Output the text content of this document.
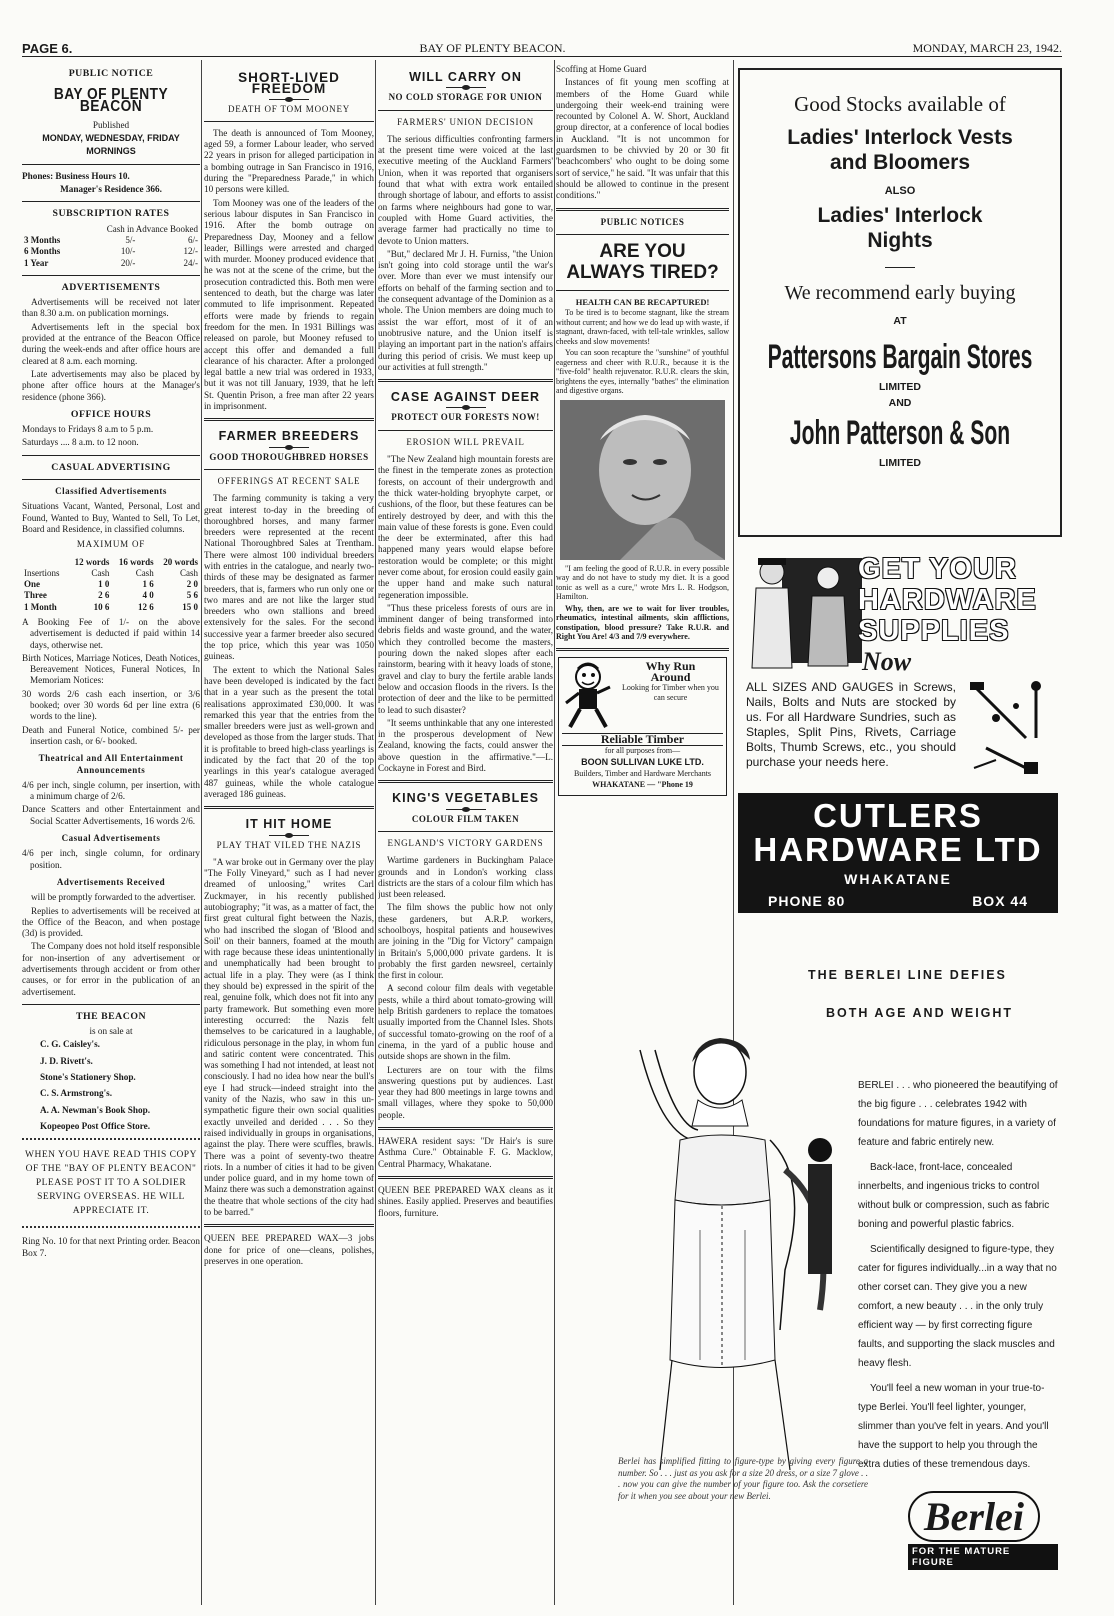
PAGE 6.	BAY OF PLENTY BEACON.	MONDAY, MARCH 23, 1942.
PUBLIC NOTICE
BAY OF PLENTY BEACON

Published

MONDAY, WEDNESDAY, FRIDAY

MORNINGS

Phones: Business Hours 10.

Manager's Residence 366.

SUBSCRIPTION RATES
	Cash in Advance Booked	
3 Months	5/-	6/-
6 Months	10/-	12/-
1 Year	20/-	24/-
ADVERTISEMENTS

Advertisements will be received not later than 8.30 a.m. on publication mornings.

Advertisements left in the special box provided at the entrance of the Beacon Office during the week-ends and after office hours are cleared at 8 a.m. each morning.

Late advertisements may also be placed by phone after office hours at the Manager's residence (phone 366).

OFFICE HOURS

Mondays to Fridays 8 a.m to 5 p.m.

Saturdays .... 8 a.m. to 12 noon.

CASUAL ADVERTISING
Classified Advertisements

Situations Vacant, Wanted, Personal, Lost and Found, Wanted to Buy, Wanted to Sell, To Let, Board and Residence, in classified columns.

MAXIMUM OF
	12 words	16 words	20 words
Insertions	Cash	Cash	Cash
One	1 0	1 6	2 0
Three	2 6	4 0	5 6
1 Month	10 6	12 6	15 0

A Booking Fee of 1/- on the above advertisement is deducted if paid within 14 days, otherwise net.

Birth Notices, Marriage Notices, Death Notices, Bereavement Notices, Funeral Notices, In Memoriam Notices:

30 words 2/6 cash each insertion, or 3/6 booked; over 30 words 6d per line extra (6 words to the line).

Death and Funeral Notice, combined 5/- per insertion cash, or 6/- booked.

Theatrical and All Entertainment Announcements

4/6 per inch, single column, per insertion, with a minimum charge of 2/6.

Dance Scatters and other Entertainment and Social Scatter Advertisements, 16 words 2/6.

Casual Advertisements

4/6 per inch, single column, for ordinary position.

Advertisements Received

will be promptly forwarded to the advertiser.

Replies to advertisements will be received at the Office of the Beacon, and when postage (3d) is provided.

The Company does not hold itself responsible for non-insertion of any advertisement or advertisements through accident or from other causes, or for error in the publication of an advertisement.

THE BEACON

is on sale at

C. G. Caisley's.

J. D. Rivett's.

Stone's Stationery Shop.

C. S. Armstrong's.

A. A. Newman's Book Shop.

Kopeopeo Post Office Store.

WHEN YOU HAVE READ THIS COPY OF THE "BAY OF PLENTY BEACON" PLEASE POST IT TO A SOLDIER SERVING OVERSEAS. HE WILL APPRECIATE IT.

Ring No. 10 for that next Printing order. Beacon Box 7.

SHORT-LIVED FREEDOM
DEATH OF TOM MOONEY

The death is announced of Tom Mooney, aged 59, a former Labour leader, who served 22 years in prison for alleged participation in a bombing outrage in San Francisco in 1916, during the "Preparedness Parade," in which 10 persons were killed.

Tom Mooney was one of the leaders of the serious labour disputes in San Francisco in 1916. After the bomb outrage on Preparedness Day, Mooney and a fellow leader, Billings were arrested and charged with murder. Mooney produced evidence that he was not at the scene of the crime, but the prosecution contradicted this. Both men were sentenced to death, but the charge was later commuted to life imprisonment. Repeated efforts were made by friends to regain freedom for the men. In 1931 Billings was released on parole, but Mooney refused to accept this offer and demanded a full clearance of his character. After a prolonged legal battle a new trial was ordered in 1933, but it was not till January, 1939, that he left St. Quentin Prison, a free man after 22 years in imprisonment.

FARMER BREEDERS
GOOD THOROUGHBRED HORSES
OFFERINGS AT RECENT SALE

The farming community is taking a very great interest to-day in the breeding of thoroughbred horses, and many farmer breeders were represented at the recent National Thoroughbred Sales at Trentham. There were almost 100 individual breeders with entries in the catalogue, and nearly two-thirds of these may be designated as farmer breeders, that is, farmers who run only one or two mares and are not like the larger stud breeders who own stallions and breed extensively for the sales. For the second successive year a farmer breeder also secured the top price, which this year was 1050 guineas.

The extent to which the National Sales have been developed is indicated by the fact that in a year such as the present the total realisations approximated £30,000. It was remarked this year that the entries from the smaller breeders were just as well-grown and developed as those from the larger studs. That it is profitable to breed high-class yearlings is indicated by the fact that 20 of the top yearlings in this year's catalogue averaged 487 guineas, while the whole catalogue averaged 186 guineas.

IT HIT HOME
PLAY THAT VILED THE NAZIS

"A war broke out in Germany over the play "The Folly Vineyard," such as I had never dreamed of unloosing," writes Carl Zuckmayer, in his recently published autobiography; "it was, as a matter of fact, the first great cultural fight between the Nazis, who had inscribed the slogan of 'Blood and Soil' on their banners, foamed at the mouth with rage because these ideas unintentionally and unemphatically had been brought to actual life in a play. They were (as I think they should be) expressed in the spirit of the real, genuine folk, which does not fit into any party framework. But something even more interesting occurred: the Nazis felt themselves to be caricatured in a laughable, ridiculous personage in the play, in whom fun and satiric content were concentrated. This was something I had not intended, at least not consciously. I had no idea how near the bull's eye I had struck—indeed straight into the vanity of the Nazis, who saw in this un-sympathetic figure their own social qualities exactly unveiled and derided . . . So they raised individually in groups in organisations, against the play. There were scuffles, brawls. There was a point of seventy-two theatre riots. In a number of cities it had to be given under police guard, and in my home town of Mainz there was such a demonstration against the theatre that whole sections of the city had to be barred."

QUEEN BEE PREPARED WAX—3 jobs done for price of one—cleans, polishes, preserves in one operation.

WILL CARRY ON
NO COLD STORAGE FOR UNION
FARMERS' UNION DECISION

The serious difficulties confronting farmers at the present time were voiced at the last executive meeting of the Auckland Farmers' Union, when it was reported that organisers found that what with extra work entailed through shortage of labour, and efforts to assist on farms where neighbours had gone to war, coupled with Home Guard activities, the average farmer had practically no time to devote to Union matters.

"But," declared Mr J. H. Furniss, "the Union isn't going into cold storage until the war's over. More than ever we must intensify our efforts on behalf of the farming section and to the consequent advantage of the Dominion as a whole. The Union members are doing much to assist the war effort, most of it of an unobtrusive nature, and the Union itself is playing an important part in the nation's affairs during this period of crisis. We must keep up our activities at full strength."

CASE AGAINST DEER
PROTECT OUR FORESTS NOW!
EROSION WILL PREVAIL

"The New Zealand high mountain forests are the finest in the temperate zones as protection forests, on account of their undergrowth and the thick water-holding bryophyte carpet, or cushions, of the floor, but these features can be entirely destroyed by deer, and with this the main value of these forests is gone. Even could the deer be exterminated, after this had happened many years would elapse before restoration would be complete; or this might never come about, for erosion could easily gain the upper hand and make such natural regeneration impossible.

"Thus these priceless forests of ours are in imminent danger of being transformed into debris fields and waste ground, and the water, which they controlled become the masters, pouring down the naked slopes after each rainstorm, bearing with it heavy loads of stone, gravel and clay to bury the fertile arable lands below and occasion floods in the rivers. Is the protection of deer and the like to be permitted to lead to such disaster?

"It seems unthinkable that any one interested in the prosperous development of New Zealand, knowing the facts, could answer the above question in the affirmative."—L. Cockayne in Forest and Bird.

KING'S VEGETABLES
COLOUR FILM TAKEN
ENGLAND'S VICTORY GARDENS

Wartime gardeners in Buckingham Palace grounds and in London's working class districts are the stars of a colour film which has just been released.

The film shows the public how not only these gardeners, but A.R.P. workers, schoolboys, hospital patients and housewives are joining in the "Dig for Victory" campaign in Britain's 5,000,000 private gardens. It is probably the first garden newsreel, certainly the first in colour.

A second colour film deals with vegetable pests, while a third about tomato-growing will help British gardeners to replace the tomatoes usually imported from the Channel Isles. Shots of successful tomato-growing on the roof of a cinema, in the yard of a public house and outside shops are shown in the film.

Lecturers are on tour with the films answering questions put by audiences. Last year they had 800 meetings in large towns and small villages, where they spoke to 50,000 people.

HAWERA resident says: "Dr Hair's is sure Asthma Cure." Obtainable F. G. Macklow, Central Pharmacy, Whakatane.

QUEEN BEE PREPARED WAX cleans as it shines. Easily applied. Preserves and beautifies floors, furniture.

Scoffing at Home Guard

Instances of fit young men scoffing at members of the Home Guard while undergoing their week-end training were recounted by Colonel A. W. Short, Auckland group director, at a conference of local bodies in Auckland. "It is not uncommon for guardsmen to be chivvied by 20 or 30 fit 'beachcombers' who ought to be doing some sort of service," he said. "It was unfair that this should be allowed to continue in the present conditions."

PUBLIC NOTICES
ARE YOU
ALWAYS TIRED?
HEALTH CAN BE RECAPTURED!

To be tired is to become stagnant, like the stream without current; and how we do lead up with waste, if stagnant, drawn-faced, with tell-tale wrinkles, sallow cheeks and slow movements!

You can soon recapture the "sunshine" of youthful eagerness and cheer with R.U.R., because it is the "five-fold" health rejuvenator. R.U.R. clears the skin, brightens the eyes, internally "bathes" the elimination and digestive organs.

"I am feeling the good of R.U.R. in every possible way and do not have to study my diet. It is a good tonic as well as a cure," wrote Mrs L. R. Hodgson, Hamilton.

Why, then, are we to wait for liver troubles, rheumatics, intestinal ailments, skin afflictions, constipation, blood pressure? Take R.U.R. and Right You Are! 4/3 and 7/9 everywhere.

Why Run
Around

Looking for Timber when you can secure

Reliable Timber

for all purposes from—

BOON SULLIVAN LUKE LTD.

Builders, Timber and Hardware Merchants

WHAKATANE — "Phone 19

Good Stocks available of
Ladies' Interlock Vests
and Bloomers
ALSO
Ladies' Interlock
Nights
We recommend early buying
AT
Pattersons Bargain Stores
LIMITED
AND
John Patterson & Son
LIMITED
GET YOUR
HARDWARE
SUPPLIES Now
ALL SIZES AND GAUGES in Screws, Nails, Bolts and Nuts are stocked by us. For all Hardware Sundries, such as Staples, Split Pins, Rivets, Carriage Bolts, Thumb Screws, etc., you should purchase your needs here.
CUTLERS
HARDWARE LTD
WHAKATANE
PHONE 80	BOX 44
THE BERLEI LINE DEFIES
BOTH AGE AND WEIGHT

BERLEI . . . who pioneered the beautifying of the big figure . . . celebrates 1942 with foundations for mature figures, in a variety of feature and fabric entirely new.

Back-lace, front-lace, concealed innerbelts, and ingenious tricks to control without bulk or compression, such as fabric boning and powerful plastic fabrics.

Scientifically designed to figure-type, they cater for figures individually...in a way that no other corset can. They give you a new comfort, a new beauty . . . in the only truly efficient way — by first correcting figure faults, and supporting the slack muscles and heavy flesh.

You'll feel a new woman in your true-to-type Berlei. You'll feel lighter, younger, slimmer than you've felt in years. And you'll have the support to help you through the extra duties of these tremendous days.

Berlei
FOR THE MATURE FIGURE
Berlei has simplified fitting to figure-type by giving every figure a number. So . . . just as you ask for a size 20 dress, or a size 7 glove . . . now you can give the number of your figure too. Ask the corsetiere for it when you see about your new Berlei.
